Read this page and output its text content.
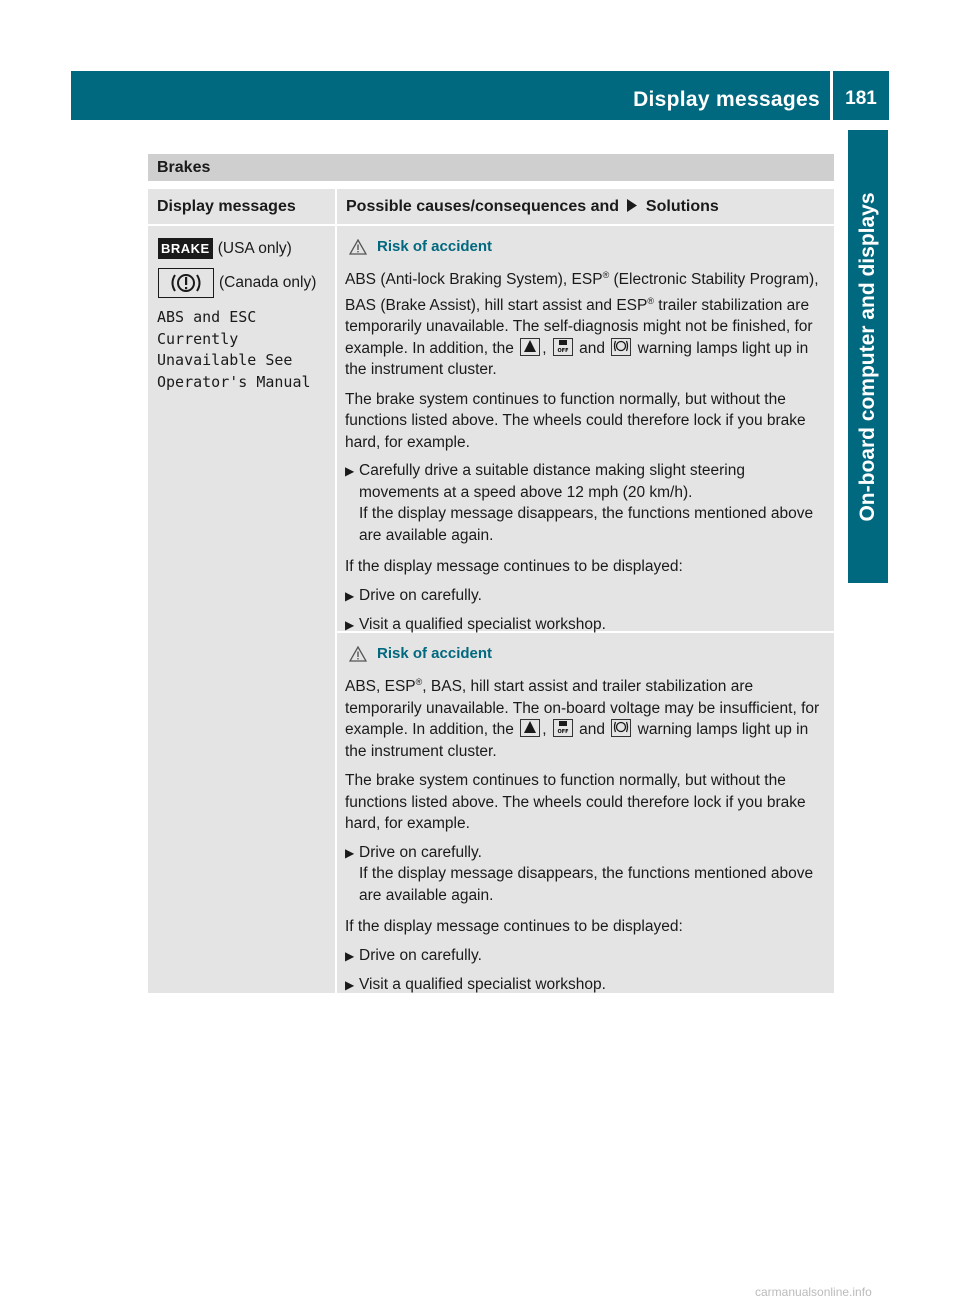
Display messages	181
On-board computer and displays
Brakes
Display messages	Possible causes/consequences and Solutions
BRAKE (USA only)
(Canada only)
ABS and ESC
Currently
Unavailable See
Operator's Manual
Risk of accident

ABS (Anti-lock Braking System), ESP® (Electronic Stability Program), BAS (Brake Assist), hill start assist and ESP® trailer stabilization are temporarily unavailable. The self-diagnosis might not be finished, for example. In addition, the , OFF and warning lamps light up in the instrument cluster.

The brake system continues to function normally, but without the functions listed above. The wheels could therefore lock if you brake hard, for example.

▶ Carefully drive a suitable distance making slight steering movements at a speed above 12 mph (20 km/h).
If the display message disappears, the functions mentioned above are available again.

If the display message continues to be displayed:

▶ Drive on carefully.
▶ Visit a qualified specialist workshop.
Risk of accident

ABS, ESP®, BAS, hill start assist and trailer stabilization are temporarily unavailable. The on-board voltage may be insufficient, for example. In addition, the , OFF and warning lamps light up in the instrument cluster.

The brake system continues to function normally, but without the functions listed above. The wheels could therefore lock if you brake hard, for example.

▶ Drive on carefully.
If the display message disappears, the functions mentioned above are available again.

If the display message continues to be displayed:

▶ Drive on carefully.
▶ Visit a qualified specialist workshop.
carmanualsonline.info
